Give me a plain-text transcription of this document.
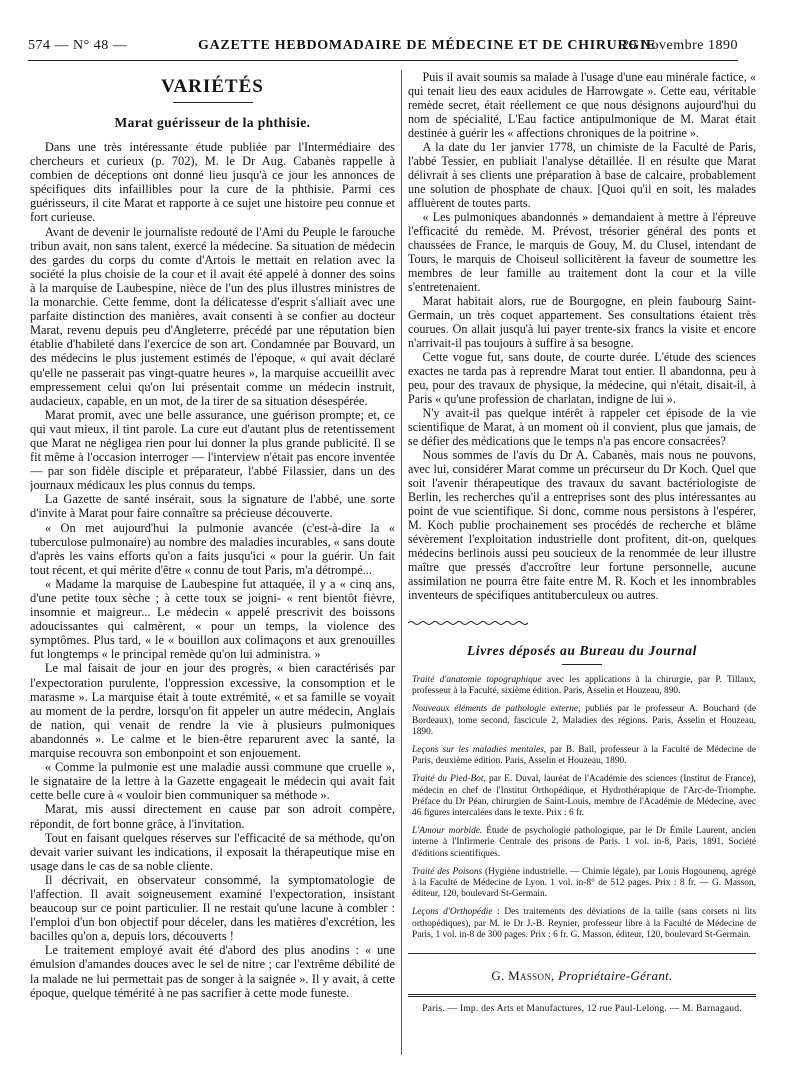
574 — N° 48 —	GAZETTE HEBDOMADAIRE DE MÉDECINE ET DE CHIRURGIE
29 Novembre 1890
VARIÉTÉS
Marat guérisseur de la phthisie.

Dans une très intéressante étude publiée par l'Intermédiaire des chercheurs et curieux (p. 702), M. le Dr Aug. Cabanès rappelle à combien de déceptions ont donné lieu jusqu'à ce jour les annonces de spécifiques dits infaillibles pour la cure de la phthisie. Parmi ces guérisseurs, il cite Marat et rapporte à ce sujet une histoire peu connue et fort curieuse.

Avant de devenir le journaliste redouté de l'Ami du Peuple le farouche tribun avait, non sans talent, exercé la médecine. Sa situation de médecin des gardes du corps du comte d'Artois le mettait en relation avec la société la plus choisie de la cour et il avait été appelé à donner des soins à la marquise de Laubespine, nièce de l'un des plus illustres ministres de la monarchie. Cette femme, dont la délicatesse d'esprit s'alliait avec une parfaite distinction des manières, avait consenti à se confier au docteur Marat, revenu depuis peu d'Angleterre, précédé par une réputation bien établie d'habileté dans l'exercice de son art. Condamnée par Bouvard, un des médecins le plus justement estimés de l'époque, « qui avait déclaré qu'elle ne passerait pas vingt-quatre heures », la marquise accueillit avec empressement celui qu'on lui présentait comme un médecin instruit, audacieux, capable, en un mot, de la tirer de sa situation désespérée.

Marat promit, avec une belle assurance, une guérison prompte; et, ce qui vaut mieux, il tint parole. La cure eut d'autant plus de retentissement que Marat ne négligea rien pour lui donner la plus grande publicité. Il se fit même à l'occasion interroger — l'interview n'était pas encore inventée — par son fidèle disciple et préparateur, l'abbé Filassier, dans un des journaux médicaux les plus connus du temps.

La Gazette de santé insérait, sous la signature de l'abbé, une sorte d'invite à Marat pour faire connaître sa précieuse découverte.

« On met aujourd'hui la pulmonie avancée (c'est-à-dire la « tuberculose pulmonaire) au nombre des maladies incurables, « sans doute d'après les vains efforts qu'on a faits jusqu'ici « pour la guérir. Un fait tout récent, et qui mérite d'être « connu de tout Paris, m'a détrompé...

« Madame la marquise de Laubespine fut attaquée, il y a « cinq ans, d'une petite toux sèche ; à cette toux se joigni- « rent bientôt fièvre, insomnie et maigreur... Le médecin « appelé prescrivit des boissons adoucissantes qui calmèrent, « pour un temps, la violence des symptômes. Plus tard, « le « bouillon aux colimaçons et aux grenouilles fut longtemps « le principal remède qu'on lui administra. »

Le mal faisait de jour en jour des progrès, « bien caractérisés par l'expectoration purulente, l'oppression excessive, la consomption et le marasme ». La marquise était à toute extrémité, « et sa famille se voyait au moment de la perdre, lorsqu'on fit appeler un autre médecin, Anglais de nation, qui venait de rendre la vie à plusieurs pulmoniques abandonnés ». Le calme et le bien-être reparurent avec la santé, la marquise recouvra son embonpoint et son enjouement.

« Comme la pulmonie est une maladie aussi commune que cruelle », le signataire de la lettre à la Gazette engageait le médecin qui avait fait cette belle cure à « vouloir bien communiquer sa méthode ».

Marat, mis aussi directement en cause par son adroit compère, répondit, de fort bonne grâce, à l'invitation.

Tout en faisant quelques réserves sur l'efficacité de sa méthode, qu'on devait varier suivant les indications, il exposait la thérapeutique mise en usage dans le cas de sa noble cliente.

Il décrivait, en observateur consommé, la symptomatologie de l'affection. Il avait soigneusement examiné l'expectoration, insistant beaucoup sur ce point particulier. Il ne restait qu'une lacune à combler : l'emploi d'un bon objectif pour déceler, dans les matières d'excrétion, les bacilles qu'on a, depuis lors, découverts !

Le traitement employé avait été d'abord des plus anodins : « une émulsion d'amandes douces avec le sel de nitre ; car l'extrême débilité de la malade ne lui permettait pas de songer à la saignée ». Il y avait, à cette époque, quelque témérité à ne pas sacrifier à cette mode funeste.

Puis il avait soumis sa malade à l'usage d'une eau minérale factice, « qui tenait lieu des eaux acidules de Harrowgate ». Cette eau, véritable remède secret, était réellement ce que nous désignons aujourd'hui du nom de spécialité, L'Eau factice antipulmonique de M. Marat était destinée à guérir les « affections chroniques de la poitrine ».

A la date du 1er janvier 1778, un chimiste de la Faculté de Paris, l'abbé Tessier, en publiait l'analyse détaillée. Il en résulte que Marat délivrait à ses clients une préparation à base de calcaire, probablement une solution de phosphate de chaux. [Quoi qu'il en soit, les malades affluèrent de toutes parts.

« Les pulmoniques abandonnés » demandaient à mettre à l'épreuve l'efficacité du remède. M. Prévost, trésorier général des ponts et chaussées de France, le marquis de Gouy, M. du Clusel, intendant de Tours, le marquis de Choiseul sollicitèrent la faveur de soumettre les membres de leur famille au traitement dont la cour et la ville s'entretenaient.

Marat habitait alors, rue de Bourgogne, en plein faubourg Saint-Germain, un très coquet appartement. Ses consultations étaient très courues. On allait jusqu'à lui payer trente-six francs la visite et encore n'arrivait-il pas toujours à suffire à sa besogne.

Cette vogue fut, sans doute, de courte durée. L'étude des sciences exactes ne tarda pas à reprendre Marat tout entier. Il abandonna, peu à peu, pour des travaux de physique, la médecine, qui n'était, disait-il, à Paris « qu'une profession de charlatan, indigne de lui ».

N'y avait-il pas quelque intérêt à rappeler cet épisode de la vie scientifique de Marat, à un moment où il convient, plus que jamais, de se défier des médications que le temps n'a pas encore consacrées?

Nous sommes de l'avis du Dr A. Cabanès, mais nous ne pouvons, avec lui, considérer Marat comme un précurseur du Dr Koch. Quel que soit l'avenir thérapeutique des travaux du savant bactériologiste de Berlin, les recherches qu'il a entreprises sont des plus intéressantes au point de vue scientifique. Si donc, comme nous persistons à l'espérer, M. Koch publie prochainement ses procédés de recherche et blâme sévèrement l'exploitation industrielle dont profitent, dit-on, quelques médecins berlinois aussi peu soucieux de la renommée de leur illustre maître que pressés d'accroître leur fortune personnelle, aucune assimilation ne pourra être faite entre M. R. Koch et les innombrables inventeurs de spécifiques antituberculeux ou autres.

Livres déposés au Bureau du Journal
Traité d'anatomie topographique avec les applications à la chirurgie, par P. Tillaux, professeur à la Faculté, sixième édition. Paris, Asselin et Houzeau, 890.
Nouveaux éléments de pathologie externe, publiés par le professeur A. Bouchard (de Bordeaux), tome second, fascicule 2, Maladies des régions. Paris, Asselin et Houzeau, 1890.
Leçons sur les maladies mentales, par B. Ball, professeur à la Faculté de Médecine de Paris, deuxième édition. Paris, Asselin et Houzeau, 1890.
Traité du Pied-Bot, par E. Duval, lauréat de l'Académie des sciences (Institut de France), médecin en chef de l'Institut Orthopédique, et Hydrothérapique de l'Arc-de-Triomphe. Préface du Dr Péan, chirurgien de Saint-Louis, membre de l'Académie de Médecine, avec 46 figures intercalées dans le texte. Prix : 6 fr.
L'Amour morbide. Étude de psychologie pathologique, par le Dr Émile Laurent, ancien interne à l'Infirmerie Centrale des prisons de Paris. 1 vol. in-8, Paris, 1891. Société d'éditions scientifiques.
Traité des Poisons (Hygiène industrielle. — Chimie légale), par Louis Hugounenq, agrégé à la Faculté de Médecine de Lyon. 1 vol. in-8° de 512 pages. Prix : 8 fr. — G. Masson, éditeur, 120, boulevard St-Germain.
Leçons d'Orthopédie : Des traitements des déviations de la taille (sans corsets ni lits orthopédiques), par M. le Dr J.-B. Reynier, professeur libre à la Faculté de Médecine de Paris, 1 vol. in-8 de 300 pages. Prix : 6 fr. G. Masson, éditeur, 120, boulevard St-Germain.
G. Masson, Propriétaire-Gérant.
Paris. — Imp. des Arts et Manufactures, 12 rue Paul-Lelong. — M. Barnagaud.
